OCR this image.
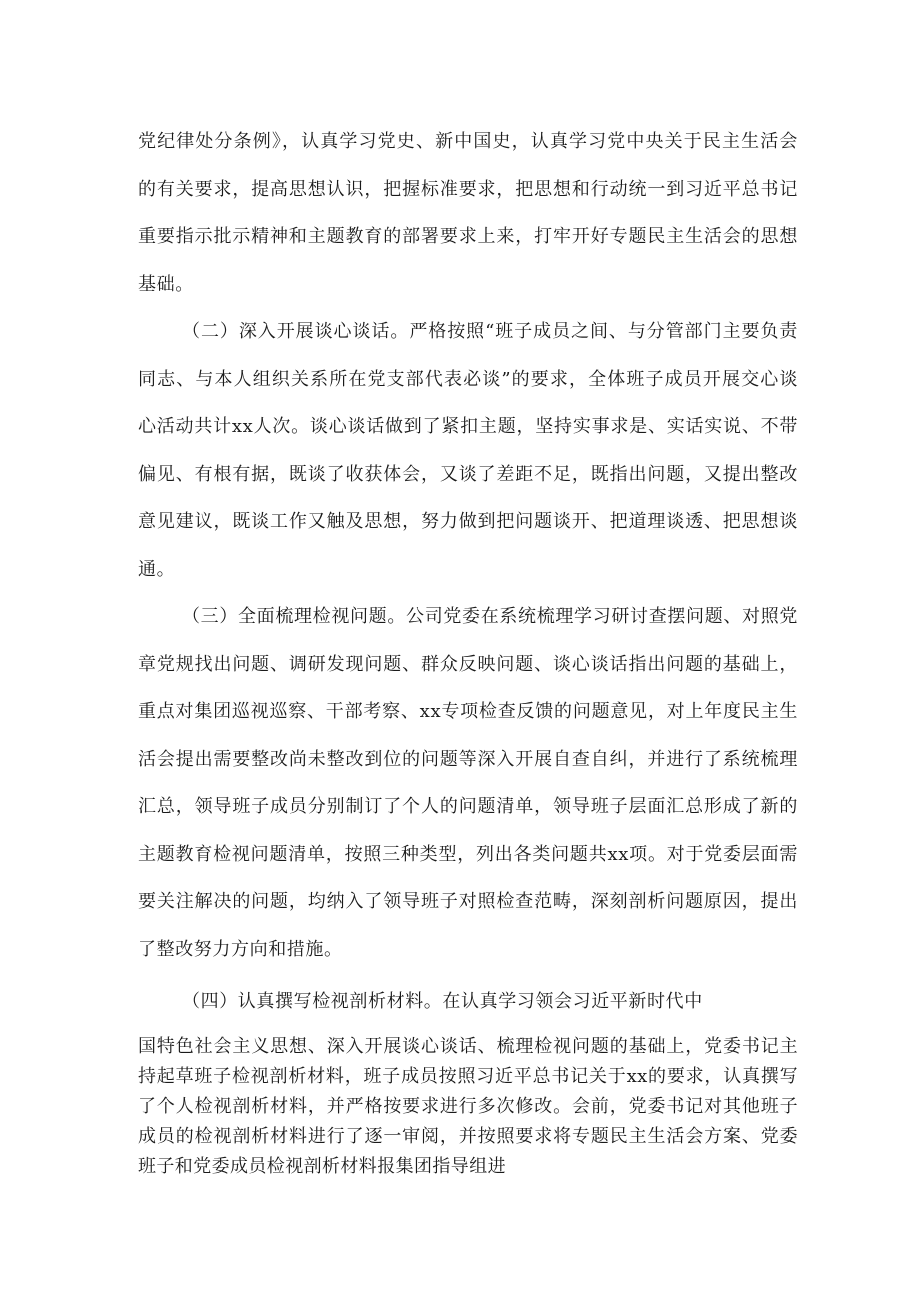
党纪律处分条例》，认真学习党史、新中国史，认真学习党中央关于民主生活会的有关要求，提高思想认识，把握标准要求，把思想和行动统一到习近平总书记重要指示批示精神和主题教育的部署要求上来，打牢开好专题民主生活会的思想基础。

（二）深入开展谈心谈话。严格按照“班子成员之间、与分管部门主要负责同志、与本人组织关系所在党支部代表必谈”的要求，全体班子成员开展交心谈心活动共计xx人次。谈心谈话做到了紧扣主题，坚持实事求是、实话实说、不带偏见、有根有据，既谈了收获体会，又谈了差距不足，既指出问题，又提出整改意见建议，既谈工作又触及思想，努力做到把问题谈开、把道理谈透、把思想谈通。

（三）全面梳理检视问题。公司党委在系统梳理学习研讨查摆问题、对照党章党规找出问题、调研发现问题、群众反映问题、谈心谈话指出问题的基础上，重点对集团巡视巡察、干部考察、xx专项检查反馈的问题意见，对上年度民主生活会提出需要整改尚未整改到位的问题等深入开展自查自纠，并进行了系统梳理汇总，领导班子成员分别制订了个人的问题清单，领导班子层面汇总形成了新的主题教育检视问题清单，按照三种类型，列出各类问题共xx项。对于党委层面需要关注解决的问题，均纳入了领导班子对照检查范畴，深刻剖析问题原因，提出了整改努力方向和措施。

（四）认真撰写检视剖析材料。在认真学习领会习近平新时代中

国特色社会主义思想、深入开展谈心谈话、梳理检视问题的基础上，党委书记主持起草班子检视剖析材料，班子成员按照习近平总书记关于xx的要求，认真撰写了个人检视剖析材料，并严格按要求进行多次修改。会前，党委书记对其他班子成员的检视剖析材料进行了逐一审阅，并按照要求将专题民主生活会方案、党委班子和党委成员检视剖析材料报集团指导组进
